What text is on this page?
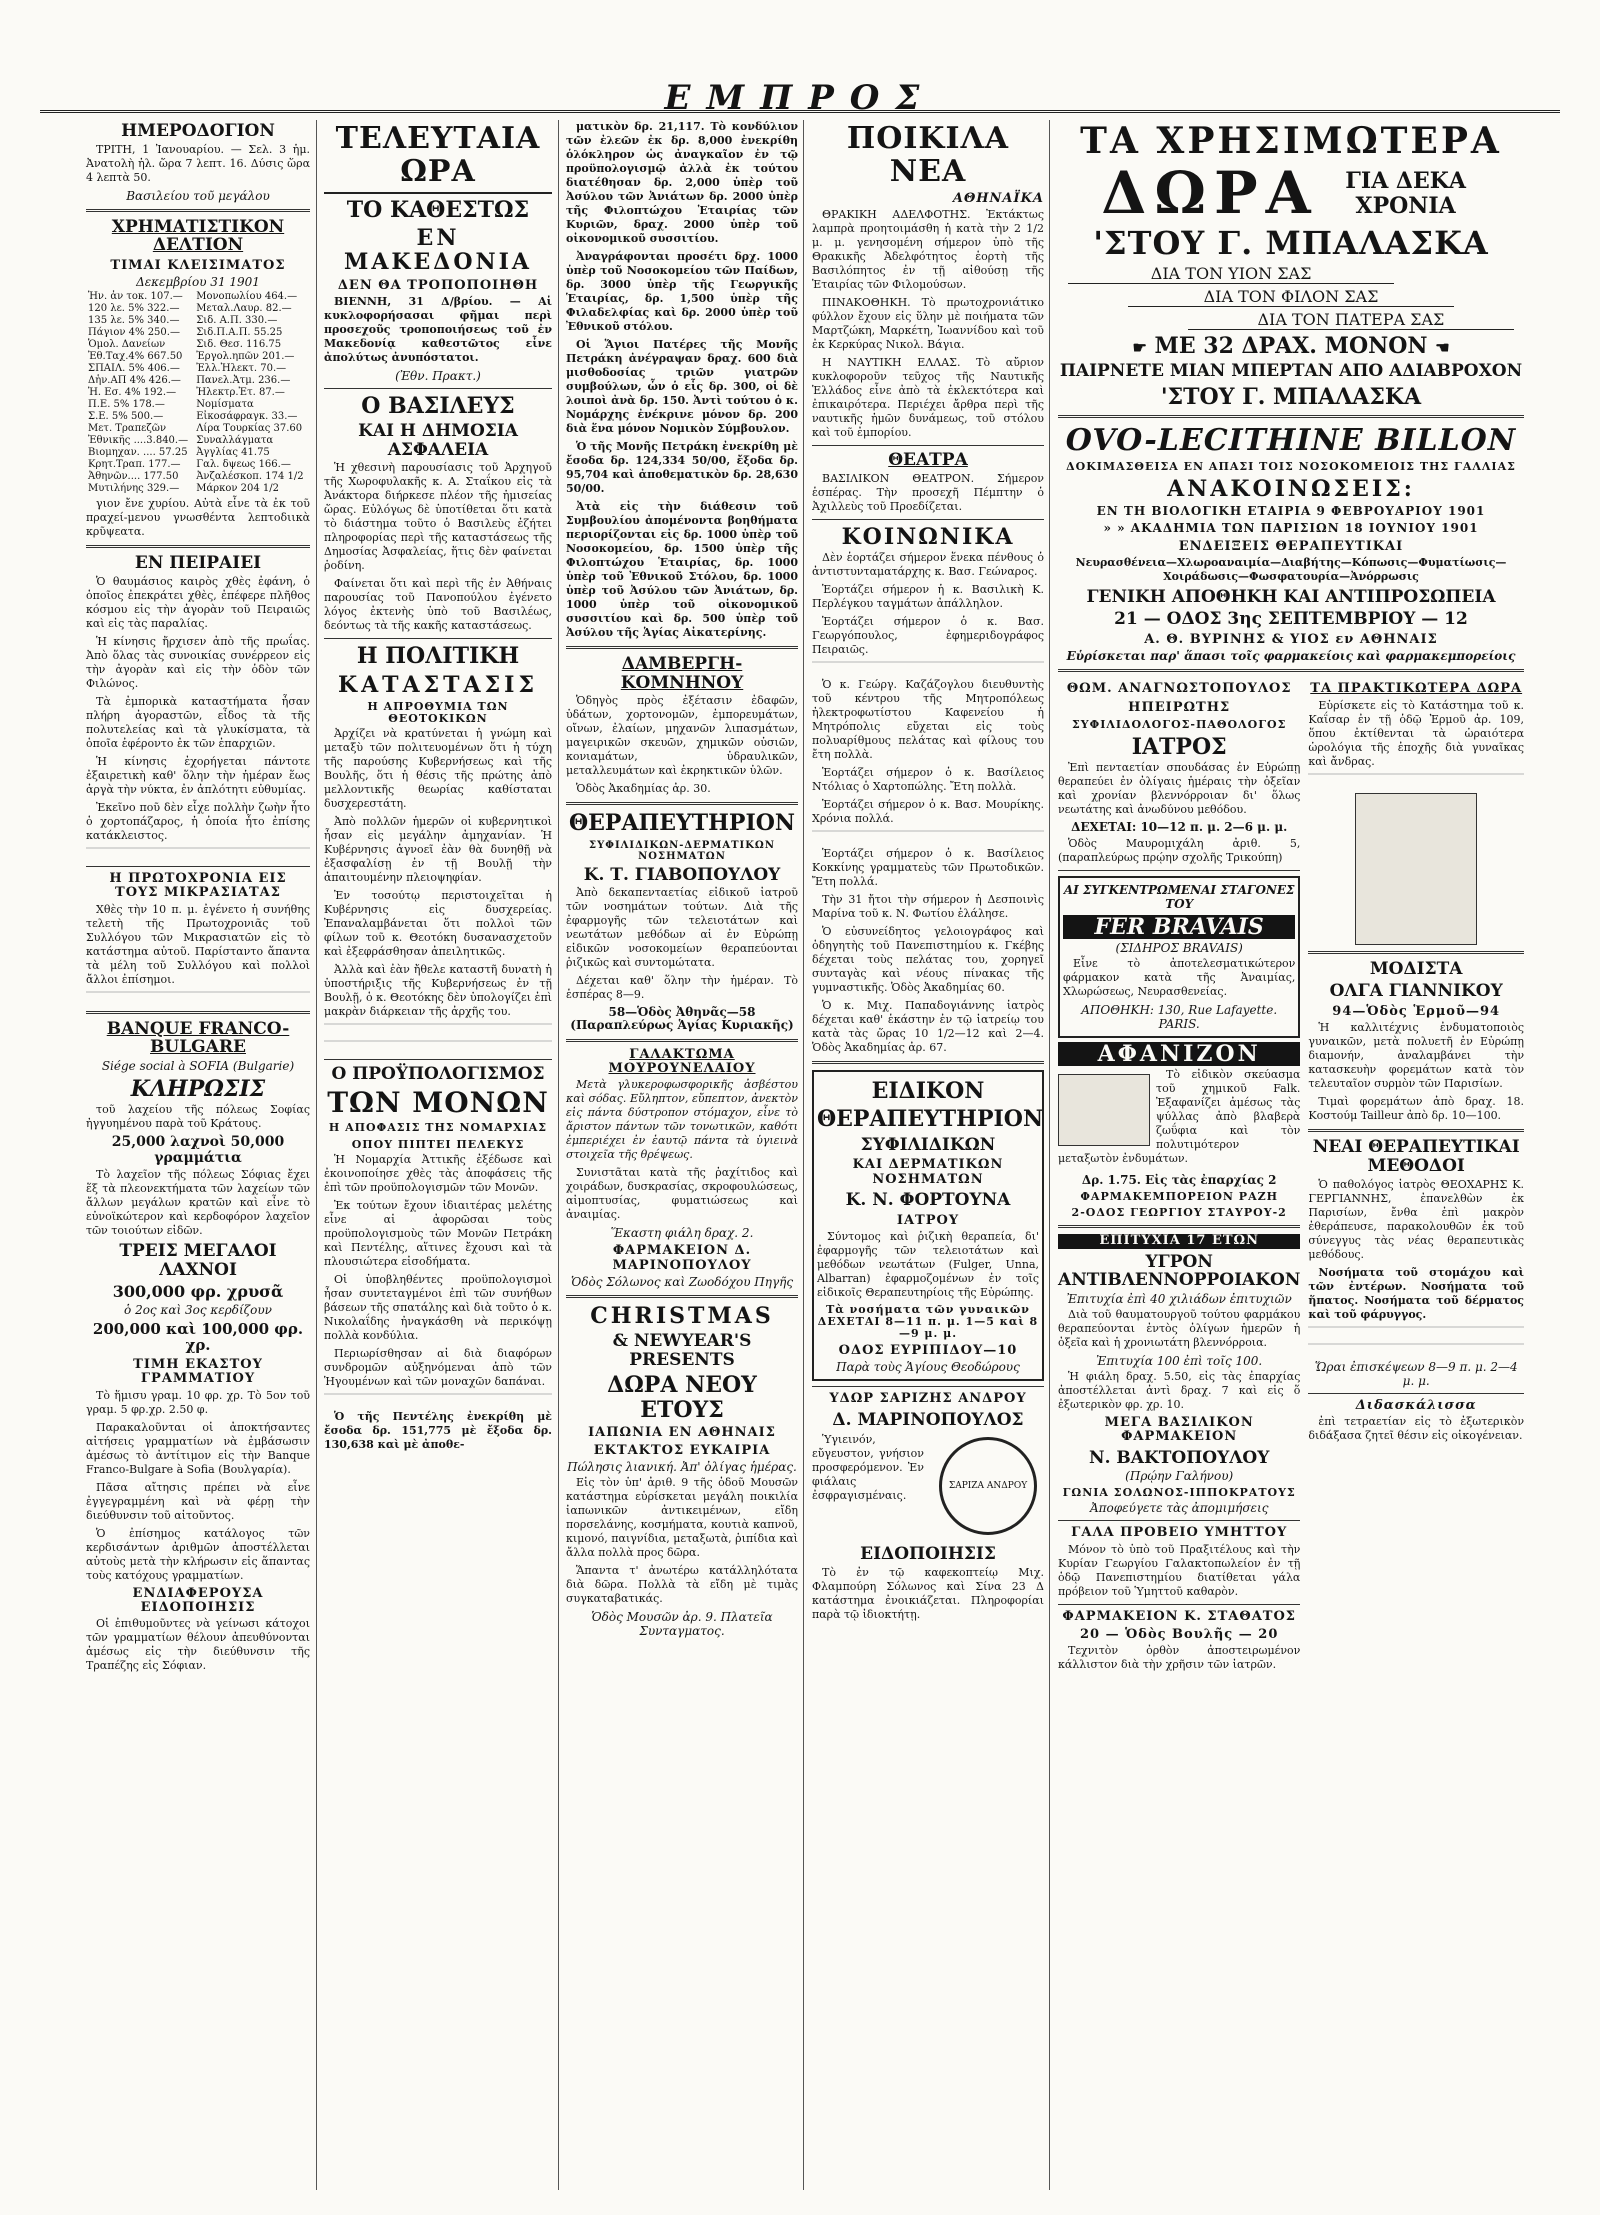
ΕΜΠΡΟΣ
ΗΜΕΡΟΔΟΓΙΟΝ

ΤΡΙΤΗ, 1 Ἰανουαρίου. — Σελ. 3 ἡμ. Ἀνατολὴ ἡλ. ὥρα 7 λεπτ. 16. Δύσις ὥρα 4 λεπτὰ 50.

Βασιλείου τοῦ μεγάλου
ΧΡΗΜΑΤΙΣΤΙΚΟΝ ΔΕΛΤΙΟΝ
ΤΙΜΑΙ ΚΛΕΙΣΙΜΑΤΟΣ
Δεκεμβρίου 31 1901
Ἡν. ἀν τοκ. 107.—	Μονοπωλίου 464.—
120 λε. 5% 322.—	Μεταλ.Λαυρ. 82.—
135 λε. 5% 340.—	Σιδ. Α.Π. 330.—
Πάγιον 4% 250.—	Σιδ.Π.Α.Π. 55.25
Ὁμολ. Δανείων	Σιδ. Θεσ. 116.75
Ἐθ.Ταχ.4% 667.50	Ἐργολ.ηπῶν 201.—
ΣΠΑΙΛ. 5% 406.—	Ἐλλ.Ἠλεκτ. 70.—
Δἡν.ΑΠ 4% 426.—	Πανελ.Ἀτμ. 236.—
Ἡ. Εσ. 4% 192.—	Ἠλεκτρ.Ἐτ. 87.—
Π.Ε. 5% 178.—	Νομίσματα
Σ.Ε. 5% 500.—	Εἰκοσάφραγκ. 33.—
Μετ. Τραπεζῶν	Λίρα Τουρκίας 37.60
Ἐθνικῆς ....3.840.—	Συναλλάγματα
Βιομηχαν. .... 57.25	Ἀγγλίας 41.75
Κρητ.Τραπ. 177.—	Γαλ. δψεως 166.—
Ἀθηνῶν.... 177.50	Ἀνζαλέσκοπ. 174 1/2
Μυτιλήνης 329.—	Μάρκον 204 1/2

γιον ἔνε χυρίου. Αὐτὰ εἶνε τὰ ἐκ τοῦ πραχεί-μενου γνωσθέντα λεπτοδιικὰ κρῦψεατα.

ΕΝ ΠΕΙΡΑΙΕΙ

Ὁ θαυμάσιος καιρὸς χθὲς ἐφάνη, ὁ ὁποῖος ἐπεκράτει χθὲς, ἐπέφερε πλῆθος κόσμου εἰς τὴν ἀγορὰν τοῦ Πειραιῶς καὶ εἰς τὰς παραλίας.

Ἡ κίνησις ἤρχισεν ἀπὸ τῆς πρωΐας. Ἀπὸ ὅλας τὰς συνοικίας συνέρρεον εἰς τὴν ἀγορὰν καὶ εἰς τὴν ὁδὸν τῶν Φιλώνος.

Τὰ ἐμπορικὰ καταστήματα ἦσαν πλήρη ἀγοραστῶν, εἶδος τὰ τῆς πολυτελείας καὶ τὰ γλυκίσματα, τὰ ὁποῖα ἐφέροντο ἐκ τῶν ἐπαρχιῶν.

Ἡ κίνησις ἐχορήγεται πάντοτε ἐξαιρετικὴ καθ' ὅλην τὴν ἡμέραν ἕως ἀργὰ τὴν νύκτα, ἐν ἀπλότητι εὐθυμίας.

Ἐκεῖνο ποῦ δὲν εἶχε πολλὴν ζωὴν ἦτο ὁ χορτοπάζαρος, ἡ ὁποία ἦτο ἐπίσης κατάκλειστος.

Η ΠΡΩΤΟΧΡΟΝΙΑ ΕΙΣ ΤΟΥΣ ΜΙΚΡΑΣΙΑΤΑΣ

Χθὲς τὴν 10 π. μ. ἐγένετο ἡ συνήθης τελετὴ τῆς Πρωτοχρονιᾶς τοῦ Συλλόγου τῶν Μικρασιατῶν εἰς τὸ κατάστημα αὐτοῦ. Παρίσταντο ἅπαντα τὰ μέλη τοῦ Συλλόγου καὶ πολλοὶ ἄλλοι ἐπίσημοι.

BANQUE FRANCO-BULGARE
Siége social à SOFIA (Bulgarie)
ΚΛΗΡΩΣΙΣ

τοῦ λαχείου τῆς πόλεως Σοφίας ἠγγυημένου παρὰ τοῦ Κράτους.

25,000 λαχνοὶ 50,000 γραμμάτια

Τὸ λαχεῖον τῆς πόλεως Σόφιας ἔχει ἕξ τὰ πλεονεκτήματα τῶν λαχείων τῶν ἄλλων μεγάλων κρατῶν καὶ εἶνε τὸ εὐνοϊκώτερον καὶ κερδοφόρον λαχεῖον τῶν τοιούτων εἰδῶν.

ΤΡΕΙΣ ΜΕΓΑΛΟΙ ΛΑΧΝΟΙ
300,000 φρ. χρυσᾶ
ὁ 2ος καὶ 3ος κερδίζουν
200,000 καὶ 100,000 φρ. χρ.
ΤΙΜΗ ΕΚΑΣΤΟΥ ΓΡΑΜΜΑΤΙΟΥ

Τὸ ἥμισυ γραμ. 10 φρ. χρ. Τὸ 5ον τοῦ γραμ. 5 φρ.χρ. 2.50 φ.

Παρακαλοῦνται οἱ ἀποκτήσαντες αἰτήσεις γραμματίων νὰ ἐμβάσωσιν ἀμέσως τὸ ἀντίτιμον εἰς τὴν Banque Franco-Bulgare à Sofia (Bουλγαρία).

Πᾶσα αἴτησις πρέπει νὰ εἶνε ἐγγεγραμμένη καὶ νὰ φέρῃ τὴν διεύθυνσιν τοῦ αἰτοῦντος.

Ὁ ἐπίσημος κατάλογος τῶν κερδισάντων ἀριθμῶν ἀποστέλλεται αὐτοὺς μετὰ τὴν κλήρωσιν εἰς ἅπαντας τοὺς κατόχους γραμματίων.

ΕΝΔΙΑΦΕΡΟΥΣΑ ΕΙΔΟΠΟΙΗΣΙΣ

Οἱ ἐπιθυμοῦντες νὰ γείνωσι κάτοχοι τῶν γραμματίων θέλουν ἀπευθύνονται ἀμέσως εἰς τὴν διεύθυνσιν τῆς Τραπέζης εἰς Σόφιαν.

ΤΕΛΕΥΤΑΙΑ ΩΡΑ
ΤΟ ΚΑΘΕΣΤΩΣ
ΕΝ ΜΑΚΕΔΟΝΙΑ
ΔΕΝ ΘΑ ΤΡΟΠΟΠΟΙΗΘΗ

ΒΙΕΝΝΗ, 31 Δ/βρίου. — Αἱ κυκλοφορήσασαι φῆμαι περὶ προσεχοῦς τροποποιήσεως τοῦ ἐν Μακεδονίᾳ καθεστῶτος εἶνε ἀπολύτως ἀνυπόστατοι.

(Ἐθν. Πρακτ.)
Ο ΒΑΣΙΛΕΥΣ
ΚΑΙ Η ΔΗΜΟΣΙΑ ΑΣΦΑΛΕΙΑ

Ἡ χθεσινὴ παρουσίασις τοῦ Ἀρχηγοῦ τῆς Χωροφυλακῆς κ. Α. Σταΐκου εἰς τὰ Ἀνάκτορα διήρκεσε πλέον τῆς ἡμισείας ὥρας. Εὐλόγως δὲ ὑποτίθεται ὅτι κατὰ τὸ διάστημα τοῦτο ὁ Βασιλεὺς ἐζήτει πληροφορίας περὶ τῆς καταστάσεως τῆς Δημοσίας Ἀσφαλείας, ἥτις δὲν φαίνεται ῥοδίνη.

Φαίνεται ὅτι καὶ περὶ τῆς ἐν Ἀθήναις παρουσίας τοῦ Πανοπούλου ἐγένετο λόγος ἐκτενὴς ὑπὸ τοῦ Βασιλέως, δεόντως τὰ τῆς κακῆς καταστάσεως.

Η ΠΟΛΙΤΙΚΗ
ΚΑΤΑΣΤΑΣΙΣ
Η ΑΠΡΟΘΥΜΙΑ ΤΩΝ ΘΕΟΤΟΚΙΚΩΝ

Ἀρχίζει νὰ κρατύνεται ἡ γνώμη καὶ μεταξὺ τῶν πολιτευομένων ὅτι ἡ τύχη τῆς παρούσης Κυβερνήσεως καὶ τῆς Βουλῆς, ὅτι ἡ θέσις τῆς πρώτης ἀπὸ μελλοντικῆς θεωρίας καθίσταται δυσχερεστάτη.

Ἀπὸ πολλῶν ἡμερῶν οἱ κυβερνητικοὶ ἦσαν εἰς μεγάλην ἀμηχανίαν. Ἡ Κυβέρνησις ἀγνοεῖ ἐὰν θὰ δυνηθῇ νὰ ἐξασφαλίσῃ ἐν τῇ Βουλῇ τὴν ἀπαιτουμένην πλειοψηφίαν.

Ἐν τοσούτῳ περιστοιχεῖται ἡ Κυβέρνησις εἰς δυσχερείας. Ἐπαναλαμβάνεται ὅτι πολλοὶ τῶν φίλων τοῦ κ. Θεοτόκη δυσανασχετοῦν καὶ ἐξεφράσθησαν ἀπειλητικῶς.

Ἀλλὰ καὶ ἐὰν ἤθελε καταστῆ δυνατὴ ἡ ὑποστήριξις τῆς Κυβερνήσεως ἐν τῇ Βουλῇ, ὁ κ. Θεοτόκης δὲν ὑπολογίζει ἐπὶ μακρὰν διάρκειαν τῆς ἀρχῆς του.

Ο ΠΡΟΫΠΟΛΟΓΙΣΜΟΣ
ΤΩΝ ΜΟΝΩΝ
Η ΑΠΟΦΑΣΙΣ ΤΗΣ ΝΟΜΑΡΧΙΑΣ
ΟΠΟΥ ΠΙΠΤΕΙ ΠΕΛΕΚΥΣ

Ἡ Νομαρχία Ἀττικῆς ἐξέδωσε καὶ ἐκοινοποίησε χθὲς τὰς ἀποφάσεις τῆς ἐπὶ τῶν προϋπολογισμῶν τῶν Μονῶν.

Ἐκ τούτων ἔχουν ἰδιαιτέρας μελέτης εἶνε αἱ ἀφορῶσαι τοὺς προϋπολογισμοὺς τῶν Μονῶν Πετράκη καὶ Πεντέλης, αἵτινες ἔχουσι καὶ τὰ πλουσιώτερα εἰσοδήματα.

Οἱ ὑποβληθέντες προϋπολογισμοὶ ἦσαν συντεταγμένοι ἐπὶ τῶν συνήθων βάσεων τῆς σπατάλης καὶ διὰ τοῦτο ὁ κ. Νικολαΐδης ἠναγκάσθη νὰ περικόψῃ πολλὰ κονδύλια.

Περιωρίσθησαν αἱ διὰ διαφόρων συνδρομῶν αὐξηνόμεναι ἀπὸ τῶν Ἡγουμένων καὶ τῶν μοναχῶν δαπάναι.

Ὁ τῆς Πεντέλης ἐνεκρίθη μὲ ἔσοδα δρ. 151,775 μὲ ἔξοδα δρ. 130,638 καὶ μὲ ἀποθε-

ματικὸν δρ. 21,117. Τὸ κονδύλιον τῶν ἐλεῶν ἐκ δρ. 8,000 ἐνεκρίθη ὁλόκληρον ὡς ἀναγκαῖον ἐν τῷ προϋπολογισμῷ ἀλλὰ ἐκ τούτου διατέθησαν δρ. 2,000 ὑπὲρ τοῦ Ἀσύλου τῶν Ἀνιάτων δρ. 2000 ὑπὲρ τῆς Φιλοπτώχου Ἑταιρίας τῶν Κυριῶν, δραχ. 2000 ὑπὲρ τοῦ οἰκονομικοῦ συσσιτίου.

Ἀναγράφονται προσέτι δρχ. 1000 ὑπὲρ τοῦ Νοσοκομείου τῶν Παίδων, δρ. 3000 ὑπὲρ τῆς Γεωργικῆς Ἑταιρίας, δρ. 1,500 ὑπὲρ τῆς Φιλαδελφίας καὶ δρ. 2000 ὑπὲρ τοῦ Ἐθνικοῦ στόλου.

Οἱ Ἅγιοι Πατέρες τῆς Μονῆς Πετράκη ἀνέγραψαν δραχ. 600 διὰ μισθοδοσίας τριῶν γιατρῶν συμβούλων, ὧν ὁ εἷς δρ. 300, οἱ δὲ λοιποὶ ἀνὰ δρ. 150. Ἀντὶ τούτου ὁ κ. Νομάρχης ἐνέκρινε μόνον δρ. 200 διὰ ἕνα μόνον Νομικὸν Σύμβουλον.

Ὁ τῆς Μονῆς Πετράκη ἐνεκρίθη μὲ ἔσοδα δρ. 124,334 50/00, ἔξοδα δρ. 95,704 καὶ ἀποθεματικὸν δρ. 28,630 50/00.

Ἀτὰ εἰς τὴν διάθεσιν τοῦ Συμβουλίου ἀπομένοντα βοηθήματα περιορίζονται εἰς δρ. 1000 ὑπὲρ τοῦ Νοσοκομείου, δρ. 1500 ὑπὲρ τῆς Φιλοπτώχου Ἑταιρίας, δρ. 1000 ὑπὲρ τοῦ Ἐθνικοῦ Στόλου, δρ. 1000 ὑπὲρ τοῦ Ἀσύλου τῶν Ἀνιάτων, δρ. 1000 ὑπὲρ τοῦ οἰκονομικοῦ συσσιτίου καὶ δρ. 500 ὑπὲρ τοῦ Ἀσύλου τῆς Ἁγίας Αἰκατερίνης.

ΔΑΜΒΕΡΓΗ-ΚΟΜΝΗΝΟΥ

Ὁδηγὸς πρὸς ἐξέτασιν ἐδαφῶν, ὑδάτων, χορτονομῶν, ἐμπορευμάτων, οἴνων, ἐλαίων, μηχανῶν λιπασμάτων, μαγειρικῶν σκευῶν, χημικῶν οὐσιῶν, κονιαμάτων, ὑδραυλικῶν, μεταλλευμάτων καὶ ἐκρηκτικῶν ὑλῶν.

Ὁδὸς Ἀκαδημίας ἀρ. 30.

ΘΕΡΑΠΕΥΤΗΡΙΟΝ
ΣΥΦΙΛΙΔΙΚΩΝ-ΔΕΡΜΑΤΙΚΩΝ ΝΟΣΗΜΑΤΩΝ
Κ. Τ. ΓΙΑΒΟΠΟΥΛΟΥ

Ἀπὸ δεκαπενταετίας εἰδικοῦ ἰατροῦ τῶν νοσημάτων τούτων. Διὰ τῆς ἐφαρμογῆς τῶν τελειοτάτων καὶ νεωτάτων μεθόδων αἱ ἐν Εὐρώπῃ εἰδικῶν νοσοκομείων θεραπεύονται ῥιζικῶς καὶ συντομώτατα.

Δέχεται καθ' ὅλην τὴν ἡμέραν. Τὸ ἑσπέρας 8—9.

58—Ὁδὸς Ἀθηνᾶς—58 (Παραπλεύρως Ἁγίας Κυριακῆς)
ΓΑΛΑΚΤΩΜΑ ΜΟΥΡΟΥΝΕΛΑΙΟΥ

Μετὰ γλυκεροφωσφορικῆς ἀσβέστου καὶ σόδας. Εὔληπτον, εὔπεπτον, ἀνεκτὸν εἰς πάντα δύστροπον στόμαχον, εἶνε τὸ ἄριστον πάντων τῶν τονωτικῶν, καθότι ἐμπεριέχει ἐν ἑαυτῷ πάντα τὰ ὑγιεινὰ στοιχεῖα τῆς θρέψεως.

Συνιστᾶται κατὰ τῆς ῥαχίτιδος καὶ χοιράδων, δυσκρασίας, σκροφουλώσεως, αἰμοπτυσίας, φυματιώσεως καὶ ἀναιμίας.

Ἕκαστη φιάλη δραχ. 2.
ΦΑΡΜΑΚΕΙΟΝ Δ. ΜΑΡΙΝΟΠΟΥΛΟΥ
Ὁδὸς Σόλωνος καὶ Ζωοδόχου Πηγῆς
CHRISTMAS
& NEWYEAR'S PRESENTS
ΔΩΡΑ ΝΕΟΥ ΕΤΟΥΣ
ΙΑΠΩΝΙΑ ΕΝ ΑΘΗΝΑΙΣ
ΕΚΤΑΚΤΟΣ ΕΥΚΑΙΡΙΑ
Πώλησις λιανική. Ἀπ' ὀλίγας ἡμέρας.

Εἰς τὸν ὑπ' ἀριθ. 9 τῆς ὁδοῦ Μουσῶν κατάστημα εὑρίσκεται μεγάλη ποικιλία ἰαπωνικῶν ἀντικειμένων, εἴδη πορσελάνης, κοσμήματα, κουτιὰ καπνοῦ, κιμονό, παιγνίδια, μεταξωτὰ, ῥιπίδια καὶ ἄλλα πολλὰ προς δῶρα.

Ἅπαντα τ' ἀνωτέρω κατάλληλότατα διὰ δῶρα. Πολλὰ τὰ εἴδη μὲ τιμὰς συγκαταβατικάς.

Ὁδὸς Μουσῶν ἀρ. 9. Πλατεῖα Συνταγματος.
ΠΟΙΚΙΛΑ ΝΕΑ
ΑΘΗΝΑΪΚΑ

ΘΡΑΚΙΚΗ ΑΔΕΛΦΟΤΗΣ. Ἐκτάκτως λαμπρὰ προητοιμάσθη ἡ κατὰ τὴν 2 1/2 μ. μ. γενησομένη σήμερον ὑπὸ τῆς Θρακικῆς Ἀδελφότητος ἑορτὴ τῆς Βασιλόπητος ἐν τῇ αἰθούσῃ τῆς Ἑταιρίας τῶν Φιλομούσων.

ΠΙΝΑΚΟΘΗΚΗ. Τὸ πρωτοχρονιάτικο φύλλον ἔχουν εἰς ὕλην μὲ ποιήματα τῶν Μαρτζώκη, Μαρκέτη, Ἰωαννίδου καὶ τοῦ ἐκ Κερκύρας Νικολ. Βάγια.

Η ΝΑΥΤΙΚΗ ΕΛΛΑΣ. Τὸ αὔριον κυκλοφοροῦν τεῦχος τῆς Ναυτικῆς Ἑλλάδος εἶνε ἀπὸ τὰ ἐκλεκτότερα καὶ ἐπικαιρότερα. Περιέχει ἄρθρα περὶ τῆς ναυτικῆς ἡμῶν δυνάμεως, τοῦ στόλου καὶ τοῦ ἐμπορίου.

ΘΕΑΤΡΑ

ΒΑΣΙΛΙΚΟΝ ΘΕΑΤΡΟΝ. Σήμερον ἑσπέρας. Τὴν προσεχῆ Πέμπτην ὁ Ἀχιλλεὺς τοῦ Προεδίζεται.

ΚΟΙΝΩΝΙΚΑ

Δὲν ἑορτάζει σήμερον ἕνεκα πένθους ὁ ἀντιστυνταματάρχης κ. Βασ. Γεώναρος.

Ἑορτάζει σήμερον ἡ κ. Βασιλικὴ Κ. Περλέγκου ταγμάτων ἀπάλληλον.

Ἑορτάζει σήμερον ὁ κ. Βασ. Γεωργόπουλος, ἐφημεριδογράφος Πειραιῶς.

Ὁ κ. Γεώργ. Καζάζογλου διευθυντὴς τοῦ κέντρου τῆς Μητροπόλεως ἠλεκτροφωτίστου Καφενείου ἡ Μητρόπολις εὔχεται εἰς τοὺς πολυαρίθμους πελάτας καὶ φίλους του ἔτη πολλὰ.

Ἑορτάζει σήμερον ὁ κ. Βασίλειος Ντόλιας ὁ Χαρτοπώλης. Ἔτη πολλὰ.

Ἑορτάζει σήμερον ὁ κ. Βασ. Μουρίκης. Χρόνια πολλά.

Ἑορτάζει σήμερον ὁ κ. Βασίλειος Κοκκίνης γραμματεὺς τῶν Πρωτοδικῶν. Ἔτη πολλά.

Τὴν 31 ἤτοι τὴν σήμερον ἡ Δεσποινὶς Μαρίνα τοῦ κ. Ν. Φωτίου ἐλάλησε.

Ὁ εὐσυνείδητος γελοιογράφος καὶ ὁδηγητὴς τοῦ Πανεπιστημίου κ. Γκέβης δέχεται τοὺς πελάτας του, χορηγεῖ συνταγὰς καὶ νέους πίνακας τῆς γυμναστικῆς. Ὁδὸς Ἀκαδημίας 60.

Ὁ κ. Μιχ. Παπαδογιάννης ἰατρὸς δέχεται καθ' ἑκάστην ἐν τῷ ἰατρείῳ του κατὰ τὰς ὥρας 10 1/2—12 καὶ 2—4. Ὁδὸς Ἀκαδημίας ἀρ. 67.

ΕΙΔΙΚΟΝ
ΘΕΡΑΠΕΥΤΗΡΙΟΝ
ΣΥΦΙΛΙΔΙΚΩΝ
ΚΑΙ ΔΕΡΜΑΤΙΚΩΝ ΝΟΣΗΜΑΤΩΝ
Κ. Ν. ΦΟΡΤΟΥΝΑ
ΙΑΤΡΟΥ

Σύντομος καὶ ῥιζικὴ θεραπεία, δι' ἐφαρμογῆς τῶν τελειοτάτων καὶ μεθόδων νεωτάτων (Fulger, Unna, Albarran) ἐφαρμοζομένων ἐν τοῖς εἰδικοῖς Θεραπευτηρίοις τῆς Εὐρώπης.

Τὰ νοσήματα τῶν γυναικῶν ΔΕΧΕΤΑΙ 8—11 π. μ. 1—5 καὶ 8—9 μ. μ.
ΟΔΟΣ ΕΥΡΙΠΙΔΟΥ—10
Παρὰ τοὺς Ἁγίους Θεοδώρους
ΥΔΩΡ ΣΑΡΙΖΗΣ ΑΝΔΡΟΥ
Δ. ΜΑΡΙΝΟΠΟΥΛΟΣ

Ὑγιεινόν, εὔγευστον, γνήσιον προσφερόμενον. Ἐν φιάλαις ἐσφραγισμέναις.

ΣΑΡΙΖΑ ΑΝΔΡΟΥ
ΕΙΔΟΠΟΙΗΣΙΣ

Τὸ ἐν τῷ καφεκοπτείῳ Μιχ. Φλαμπούρη Σόλωνος καὶ Σίνα 23 Δ κατάστημα ἐνοικιάζεται. Πληροφορίαι παρὰ τῷ ἰδιοκτήτῃ.

ΤΑ ΧΡΗΣΙΜΩΤΕΡΑ
ΔΩΡΑ	ΓΙΑ ΔΕΚΑ ΧΡΟΝΙΑ
'ΣΤΟΥ Γ. ΜΠΑΛΑΣΚΑ
ΔΙΑ ΤΟΝ ΥΙΟΝ ΣΑΣ
ΔΙΑ ΤΟΝ ΦΙΛΟΝ ΣΑΣ
ΔΙΑ ΤΟΝ ΠΑΤΕΡΑ ΣΑΣ
☛ ΜΕ 32 ΔΡΑΧ. ΜΟΝΟΝ ☚
ΠΑΙΡΝΕΤΕ ΜΙΑΝ ΜΠΕΡΤΑΝ ΑΠΟ ΑΔΙΑΒΡΟΧΟΝ
'ΣΤΟΥ Γ. ΜΠΑΛΑΣΚΑ
OVO-LECITHINE BILLON
ΔΟΚΙΜΑΣΘΕΙΣΑ ΕΝ ΑΠΑΣΙ ΤΟΙΣ ΝΟΣΟΚΟΜΕΙΟΙΣ ΤΗΣ ΓΑΛΛΙΑΣ
ΑΝΑΚΟΙΝΩΣΕΙΣ:
ΕΝ ΤΗ ΒΙΟΛΟΓΙΚΗ ΕΤΑΙΡΙΑ 9 ΦΕΒΡΟΥΑΡΙΟΥ 1901
» » ΑΚΑΔΗΜΙΑ ΤΩΝ ΠΑΡΙΣΙΩΝ 18 ΙΟΥΝΙΟΥ 1901
ΕΝΔΕΙΞΕΙΣ ΘΕΡΑΠΕΥΤΙΚΑΙ

Νευρασθένεια—Χλωροαναιμία—Διαβήτης—Κόπωσις—Φυματίωσις—Χοιράδωσις—Φωσφατουρία—Ἀνόρρωσις

ΓΕΝΙΚΗ ΑΠΟΘΗΚΗ ΚΑΙ ΑΝΤΙΠΡΟΣΩΠΕΙΑ
21 — ΟΔΟΣ 3ης ΣΕΠΤΕΜΒΡΙΟΥ — 12
Α. Θ. ΒΥΡΙΝΗΣ & ΥΙΟΣ εν ΑΘΗΝΑΙΣ
Εὑρίσκεται παρ' ἅπασι τοῖς φαρμακείοις καὶ φαρμακεμπορείοις
ΘΩΜ. ΑΝΑΓΝΩΣΤΟΠΟΥΛΟΣ
ΗΠΕΙΡΩΤΗΣ
ΣΥΦΙΛΙΔΟΛΟΓΟΣ-ΠΑΘΟΛΟΓΟΣ
ΙΑΤΡΟΣ

Ἐπὶ πενταετίαν σπουδάσας ἐν Εὐρώπῃ θεραπεύει ἐν ὀλίγαις ἡμέραις τὴν ὀξεῖαν καὶ χρονίαν βλεννόρροιαν δι' ὅλως νεωτάτης καὶ ἀνωδύνου μεθόδου.

ΔΕΧΕΤΑΙ: 10—12 π. μ. 2—6 μ. μ.

Ὁδὸς Μαυρομιχάλη ἀριθ. 5, (παραπλεύρως πρῴην σχολῆς Τρικούπη)

ΑΙ ΣΥΓΚΕΝΤΡΩΜΕΝΑΙ ΣΤΑΓΟΝΕΣ ΤΟΥ
FER BRAVAIS
(ΣΙΔΗΡΟΣ BRAVAIS)

Εἶνε τὸ ἀποτελεσματικώτερον φάρμακον κατὰ τῆς Ἀναιμίας, Χλωρώσεως, Νευρασθενείας.

ΑΠΟΘΗΚΗ: 130, Rue Lafayette. PARIS.
ΑΦΑΝΙΖΟΝ

Τὸ εἰδικὸν σκεύασμα τοῦ χημικοῦ Falk. Ἐξαφανίζει ἀμέσως τὰς ψύλλας ἀπὸ βλαβερὰ ζωΰφια καὶ τὸν πολυτιμότερον μεταξωτὸν ἐνδυμάτων.

Δρ. 1.75. Εἰς τὰς ἐπαρχίας 2
ΦΑΡΜΑΚΕΜΠΟΡΕΙΟΝ ΡΑΖΗ
2-ΟΔΟΣ ΓΕΩΡΓΙΟΥ ΣΤΑΥΡΟΥ-2
ΕΠΙΤΥΧΙΑ 17 ΕΤΩΝ
ΥΓΡΟΝ ΑΝΤΙΒΛΕΝΝΟΡΡΟΙΑΚΟΝ
Ἐπιτυχία ἐπὶ 40 χιλιάδων ἐπιτυχιῶν

Διὰ τοῦ θαυματουργοῦ τούτου φαρμάκου θεραπεύονται ἐντὸς ὀλίγων ἡμερῶν ἡ ὀξεῖα καὶ ἡ χρονιωτάτη βλεννόρροια.

Ἐπιτυχία 100 ἐπὶ τοῖς 100.

Ἡ φιάλη δραχ. 5.50, εἰς τὰς ἐπαρχίας ἀποστέλλεται ἀντὶ δραχ. 7 καὶ εἰς ὅ ἐξωτερικὸν φρ. χρ. 10.

ΜΕΓΑ ΒΑΣΙΛΙΚΟΝ ΦΑΡΜΑΚΕΙΟΝ
Ν. ΒΑΚΤΟΠΟΥΛΟΥ
(Πρῴην Γαλήνου)
ΓΩΝΙΑ ΣΟΛΩΝΟΣ-ΙΠΠΟΚΡΑΤΟΥΣ
Ἀποφεύγετε τὰς ἀπομιμήσεις
ΓΑΛΑ ΠΡΟΒΕΙΟ ΥΜΗΤΤΟΥ

Μόνον τὸ ὑπὸ τοῦ Πραξιτέλους καὶ τὴν Κυρίαν Γεωργίου Γαλακτοπωλείον ἐν τῇ ὁδῷ Πανεπιστημίου διατίθεται γάλα πρόβειον τοῦ Ὑμηττοῦ καθαρὸν.

ΦΑΡΜΑΚΕΙΟΝ Κ. ΣΤΑΘΑΤΟΣ
20 — Ὁδὸς Βουλῆς — 20

Τεχνιτὸν ὀρθὸν ἀποστειρωμένον κάλλιστον διὰ τὴν χρῆσιν τῶν ἰατρῶν.

ΤΑ ΠΡΑΚΤΙΚΩΤΕΡΑ ΔΩΡΑ

Εὑρίσκετε εἰς τὸ Κατάστημα τοῦ κ. Καΐσαρ ἐν τῇ ὁδῷ Ἑρμοῦ ἀρ. 109, ὅπου ἐκτίθενται τὰ ὡραιότερα ὡρολόγια τῆς ἐποχῆς διὰ γυναῖκας καὶ ἄνδρας.

ΜΟΔΙΣΤΑ
ΟΛΓΑ ΓΙΑΝΝΙΚΟΥ
94—Ὁδὸς Ἑρμοῦ—94

Ἡ καλλιτέχνις ἐνδυματοποιὸς γυναικῶν, μετὰ πολυετῆ ἐν Εὐρώπῃ διαμονήν, ἀναλαμβάνει τὴν κατασκευὴν φορεμάτων κατὰ τὸν τελευταῖον συρμὸν τῶν Παρισίων.

Τιμαὶ φορεμάτων ἀπὸ δραχ. 18. Κοστούμ Tailleur ἀπὸ δρ. 10—100.

ΝΕΑΙ ΘΕΡΑΠΕΥΤΙΚΑΙ ΜΕΘΟΔΟΙ

Ὁ παθολόγος ἰατρὸς ΘΕΟΧΑΡΗΣ Κ. ΓΕΡΓΙΑΝΝΗΣ, ἐπανελθὼν ἐκ Παρισίων, ἔνθα ἐπὶ μακρὸν ἐθεράπευσε, παρακολουθῶν ἐκ τοῦ σύνεγγυς τὰς νέας θεραπευτικὰς μεθόδους.

Νοσήματα τοῦ στομάχου καὶ τῶν ἐντέρων. Νοσήματα τοῦ ἥπατος. Νοσήματα τοῦ δέρματος καὶ τοῦ φάρυγγος.

Ὥραι ἐπισκέψεων 8—9 π. μ. 2—4 μ. μ.
Διδασκάλισσα

ἐπὶ τετραετίαν εἰς τὸ ἐξωτερικὸν διδάξασα ζητεῖ θέσιν εἰς οἰκογένειαν.
